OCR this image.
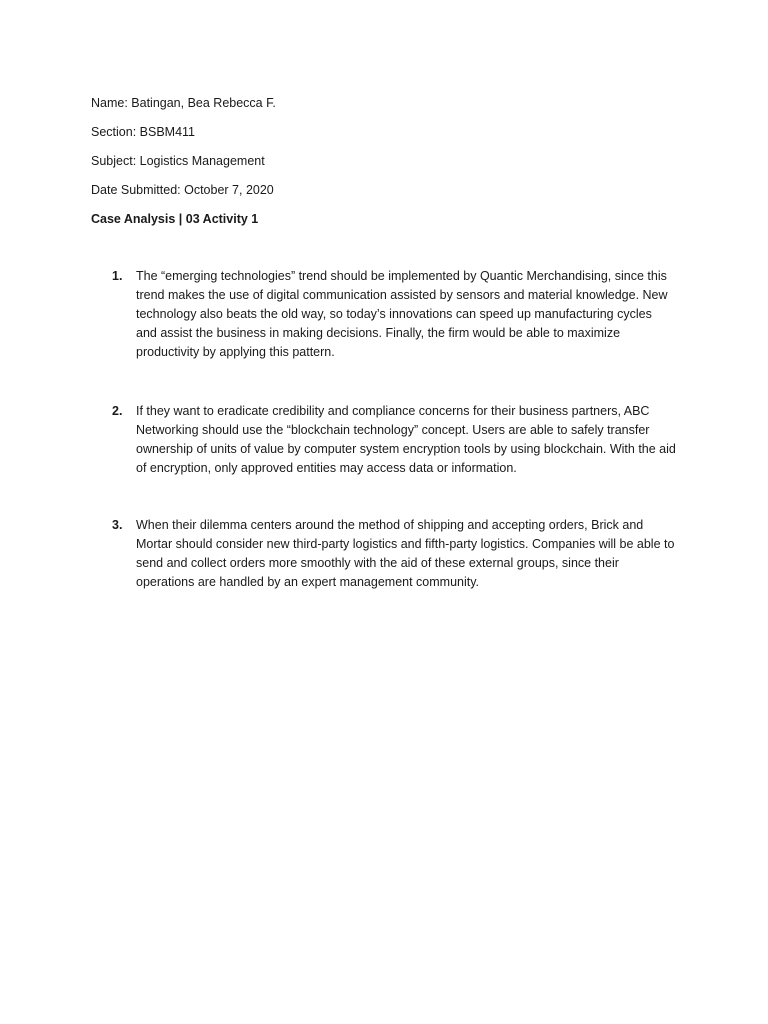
Name: Batingan, Bea Rebecca F.
Section: BSBM411
Subject: Logistics Management
Date Submitted: October 7, 2020
Case Analysis | 03 Activity 1
1. The “emerging technologies” trend should be implemented by Quantic Merchandising, since this trend makes the use of digital communication assisted by sensors and material knowledge. New technology also beats the old way, so today’s innovations can speed up manufacturing cycles and assist the business in making decisions. Finally, the firm would be able to maximize productivity by applying this pattern.
2. If they want to eradicate credibility and compliance concerns for their business partners, ABC Networking should use the “blockchain technology” concept. Users are able to safely transfer ownership of units of value by computer system encryption tools by using blockchain. With the aid of encryption, only approved entities may access data or information.
3. When their dilemma centers around the method of shipping and accepting orders, Brick and Mortar should consider new third-party logistics and fifth-party logistics. Companies will be able to send and collect orders more smoothly with the aid of these external groups, since their operations are handled by an expert management community.
